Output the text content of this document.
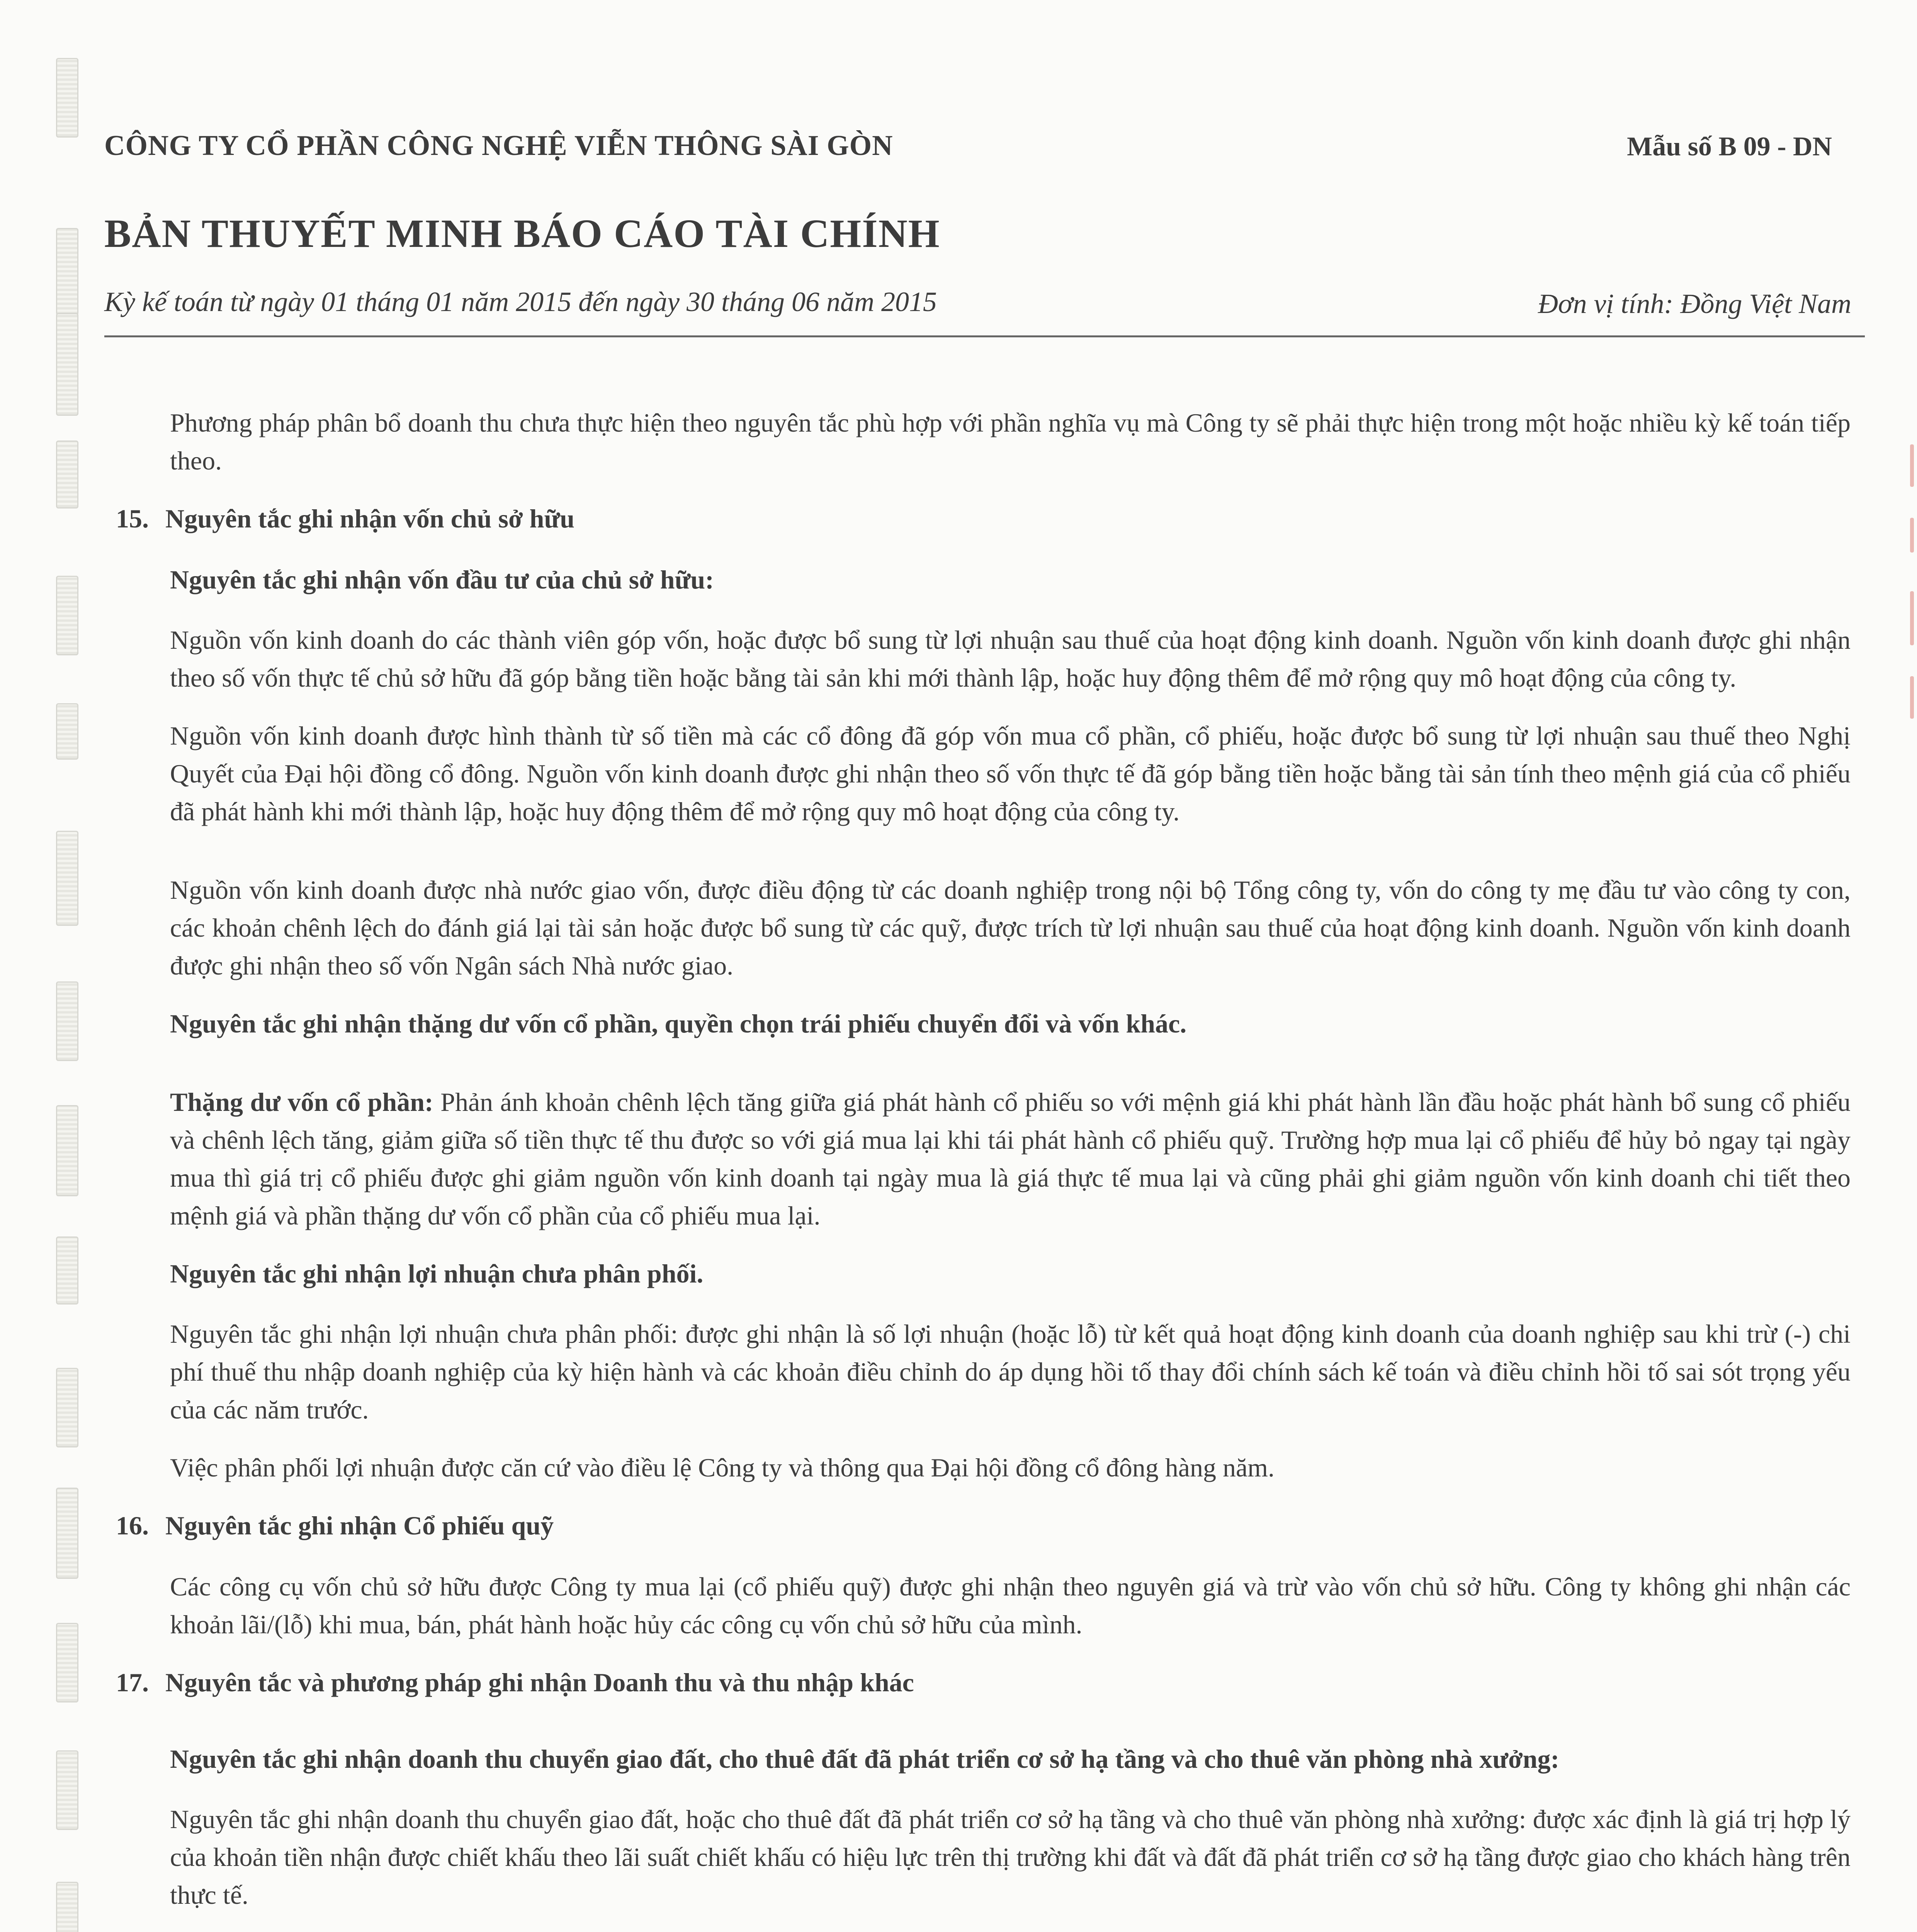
CÔNG TY CỔ PHẦN CÔNG NGHỆ VIỄN THÔNG SÀI GÒN	Mẫu số B 09 - DN
BẢN THUYẾT MINH BÁO CÁO TÀI CHÍNH
Kỳ kế toán từ ngày 01 tháng 01 năm 2015 đến ngày 30 tháng 06 năm 2015	Đơn vị tính: Đồng Việt Nam

Phương pháp phân bổ doanh thu chưa thực hiện theo nguyên tắc phù hợp với phần nghĩa vụ mà Công ty sẽ phải thực hiện trong một hoặc nhiều kỳ kế toán tiếp theo.

15. Nguyên tắc ghi nhận vốn chủ sở hữu
Nguyên tắc ghi nhận vốn đầu tư của chủ sở hữu:

Nguồn vốn kinh doanh do các thành viên góp vốn, hoặc được bổ sung từ lợi nhuận sau thuế của hoạt động kinh doanh. Nguồn vốn kinh doanh được ghi nhận theo số vốn thực tế chủ sở hữu đã góp bằng tiền hoặc bằng tài sản khi mới thành lập, hoặc huy động thêm để mở rộng quy mô hoạt động của công ty.

Nguồn vốn kinh doanh được hình thành từ số tiền mà các cổ đông đã góp vốn mua cổ phần, cổ phiếu, hoặc được bổ sung từ lợi nhuận sau thuế theo Nghị Quyết của Đại hội đồng cổ đông. Nguồn vốn kinh doanh được ghi nhận theo số vốn thực tế đã góp bằng tiền hoặc bằng tài sản tính theo mệnh giá của cổ phiếu đã phát hành khi mới thành lập, hoặc huy động thêm để mở rộng quy mô hoạt động của công ty.

Nguồn vốn kinh doanh được nhà nước giao vốn, được điều động từ các doanh nghiệp trong nội bộ Tổng công ty, vốn do công ty mẹ đầu tư vào công ty con, các khoản chênh lệch do đánh giá lại tài sản hoặc được bổ sung từ các quỹ, được trích từ lợi nhuận sau thuế của hoạt động kinh doanh. Nguồn vốn kinh doanh được ghi nhận theo số vốn Ngân sách Nhà nước giao.

Nguyên tắc ghi nhận thặng dư vốn cổ phần, quyền chọn trái phiếu chuyển đổi và vốn khác.

Thặng dư vốn cổ phần: Phản ánh khoản chênh lệch tăng giữa giá phát hành cổ phiếu so với mệnh giá khi phát hành lần đầu hoặc phát hành bổ sung cổ phiếu và chênh lệch tăng, giảm giữa số tiền thực tế thu được so với giá mua lại khi tái phát hành cổ phiếu quỹ. Trường hợp mua lại cổ phiếu để hủy bỏ ngay tại ngày mua thì giá trị cổ phiếu được ghi giảm nguồn vốn kinh doanh tại ngày mua là giá thực tế mua lại và cũng phải ghi giảm nguồn vốn kinh doanh chi tiết theo mệnh giá và phần thặng dư vốn cổ phần của cổ phiếu mua lại.

Nguyên tắc ghi nhận lợi nhuận chưa phân phối.

Nguyên tắc ghi nhận lợi nhuận chưa phân phối: được ghi nhận là số lợi nhuận (hoặc lỗ) từ kết quả hoạt động kinh doanh của doanh nghiệp sau khi trừ (-) chi phí thuế thu nhập doanh nghiệp của kỳ hiện hành và các khoản điều chỉnh do áp dụng hồi tố thay đổi chính sách kế toán và điều chỉnh hồi tố sai sót trọng yếu của các năm trước.

Việc phân phối lợi nhuận được căn cứ vào điều lệ Công ty và thông qua Đại hội đồng cổ đông hàng năm.

16. Nguyên tắc ghi nhận Cổ phiếu quỹ

Các công cụ vốn chủ sở hữu được Công ty mua lại (cổ phiếu quỹ) được ghi nhận theo nguyên giá và trừ vào vốn chủ sở hữu. Công ty không ghi nhận các khoản lãi/(lỗ) khi mua, bán, phát hành hoặc hủy các công cụ vốn chủ sở hữu của mình.

17. Nguyên tắc và phương pháp ghi nhận Doanh thu và thu nhập khác
Nguyên tắc ghi nhận doanh thu chuyển giao đất, cho thuê đất đã phát triển cơ sở hạ tầng và cho thuê văn phòng nhà xưởng:

Nguyên tắc ghi nhận doanh thu chuyển giao đất, hoặc cho thuê đất đã phát triển cơ sở hạ tầng và cho thuê văn phòng nhà xưởng: được xác định là giá trị hợp lý của khoản tiền nhận được chiết khấu theo lãi suất chiết khấu có hiệu lực trên thị trường khi đất và đất đã phát triển cơ sở hạ tầng được giao cho khách hàng trên thực tế.
